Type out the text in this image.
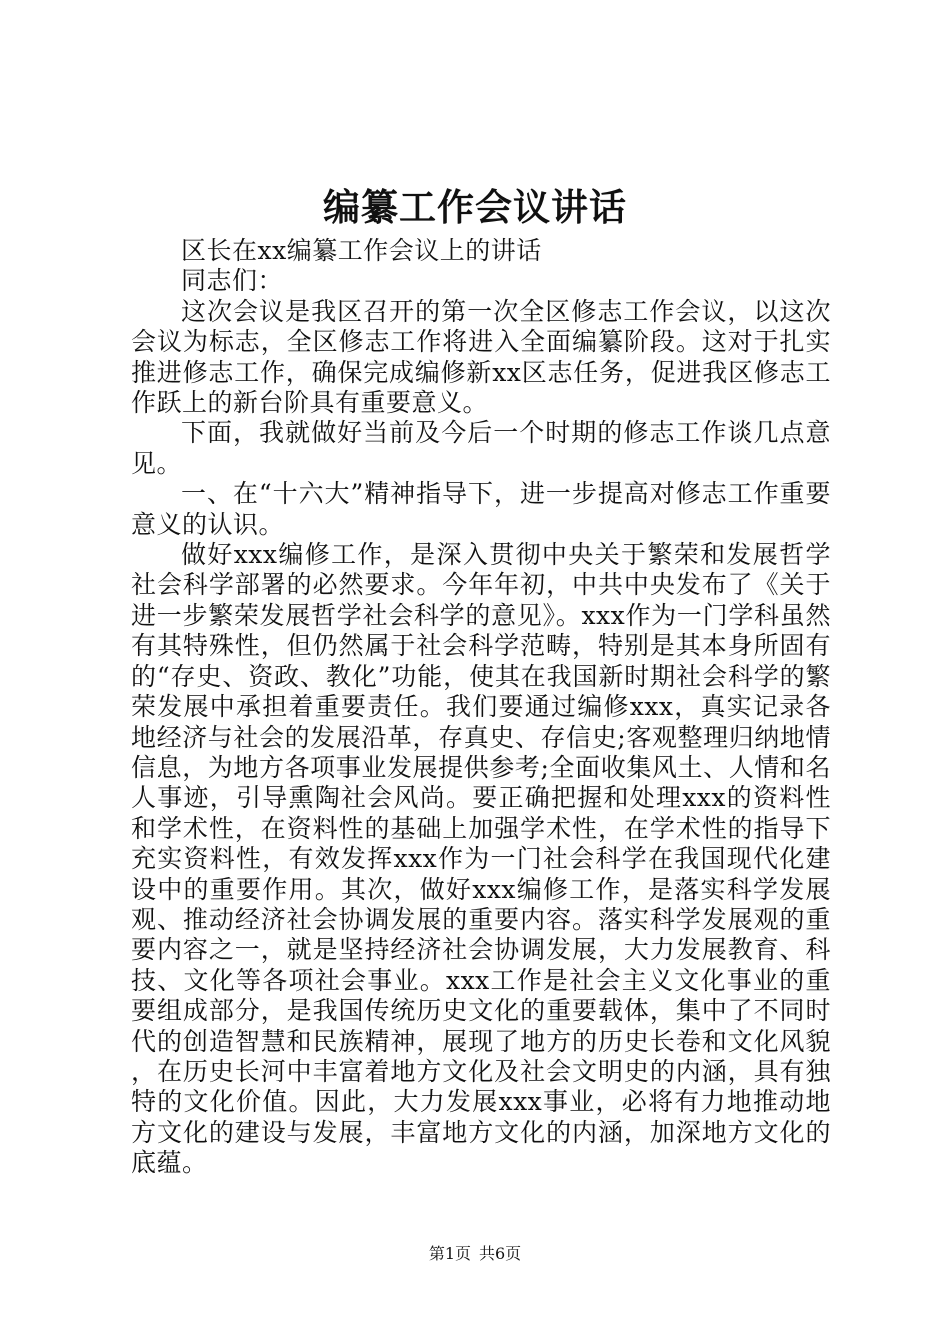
编纂工作会议讲话

区长在xx编纂工作会议上的讲话

同志们：

这次会议是我区召开的第一次全区修志工作会议，以这次会议为标志，全区修志工作将进入全面编纂阶段。这对于扎实推进修志工作，确保完成编修新xx区志任务，促进我区修志工作跃上的新台阶具有重要意义。

下面，我就做好当前及今后一个时期的修志工作谈几点意见。

一、在“十六大”精神指导下，进一步提高对修志工作重要意义的认识。

做好xxx编修工作，是深入贯彻中央关于繁荣和发展哲学社会科学部署的必然要求。今年年初，中共中央发布了《关于进一步繁荣发展哲学社会科学的意见》。xxx作为一门学科虽然有其特殊性，但仍然属于社会科学范畴，特别是其本身所固有的“存史、资政、教化”功能，使其在我国新时期社会科学的繁荣发展中承担着重要责任。我们要通过编修xxx，真实记录各地经济与社会的发展沿革，存真史、存信史;客观整理归纳地情信息，为地方各项事业发展提供参考;全面收集风土、人情和名人事迹，引导熏陶社会风尚。要正确把握和处理xxx的资料性和学术性，在资料性的基础上加强学术性，在学术性的指导下充实资料性，有效发挥xxx作为一门社会科学在我国现代化建设中的重要作用。其次，做好xxx编修工作，是落实科学发展观、推动经济社会协调发展的重要内容。落实科学发展观的重要内容之一，就是坚持经济社会协调发展，大力发展教育、科技、文化等各项社会事业。xxx工作是社会主义文化事业的重要组成部分，是我国传统历史文化的重要载体，集中了不同时代的创造智慧和民族精神，展现了地方的历史长卷和文化风貌，在历史长河中丰富着地方文化及社会文明史的内涵，具有独特的文化价值。因此，大力发展xxx事业，必将有力地推动地方文化的建设与发展，丰富地方文化的内涵，加深地方文化的底蕴。

第1页 共6页
